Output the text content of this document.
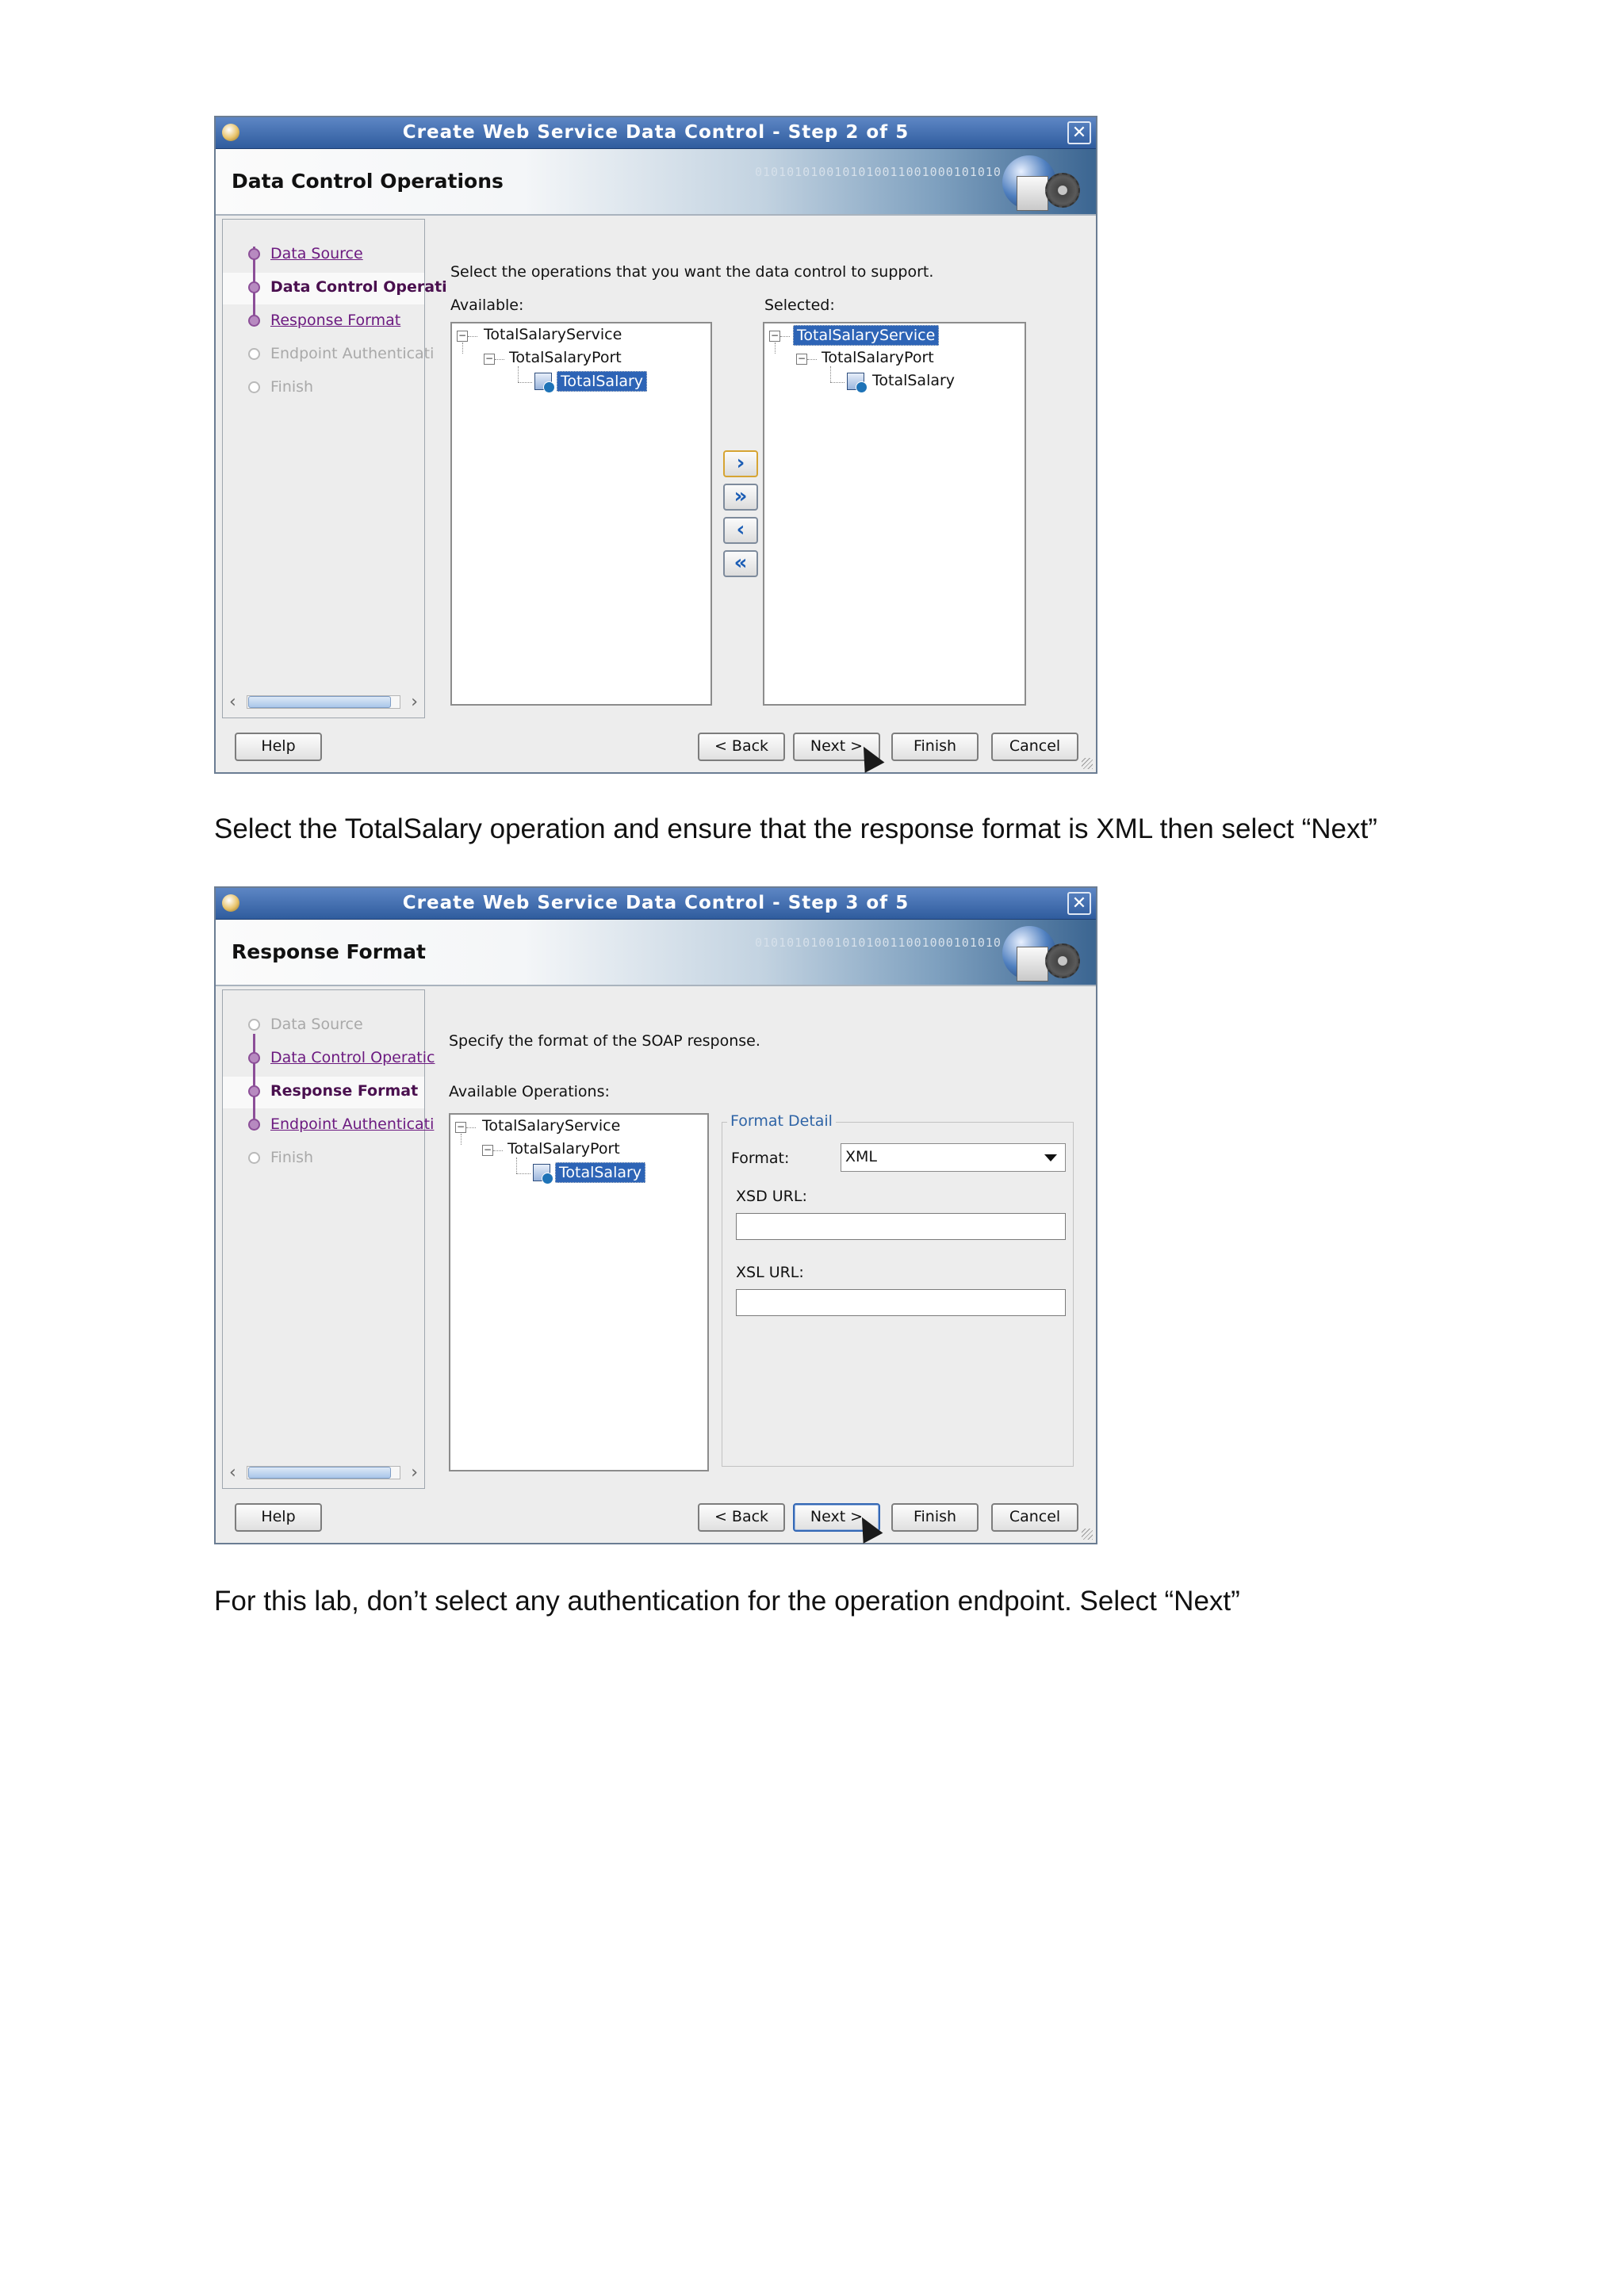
Create Web Service Data Control - Step 2 of 5	✕
Data Control Operations	0101010100101010011001000101010
Data Source
Data Control Operati
Response Format
Endpoint Authenticati
Finish
‹	›
Select the operations that you want the data control to support.
Available:	Selected:
− TotalSalaryService
− TotalSalaryPort
TotalSalary
›
»
‹
«
− TotalSalaryService
− TotalSalaryPort
TotalSalary
Help	< Back	Next >	Finish	Cancel
Select the TotalSalary operation and ensure that the response format is XML then select “Next”
Create Web Service Data Control - Step 3 of 5	✕
Response Format	0101010100101010011001000101010
Data Source
Data Control Operatic
Response Format
Endpoint Authenticati
Finish
‹	›
Specify the format of the SOAP response.
Available Operations:
− TotalSalaryService
− TotalSalaryPort
TotalSalary
Format Detail
Format:	XML
XSD URL:
XSL URL:
Help	< Back	Next >	Finish	Cancel
For this lab, don’t select any authentication for the operation endpoint. Select “Next”
